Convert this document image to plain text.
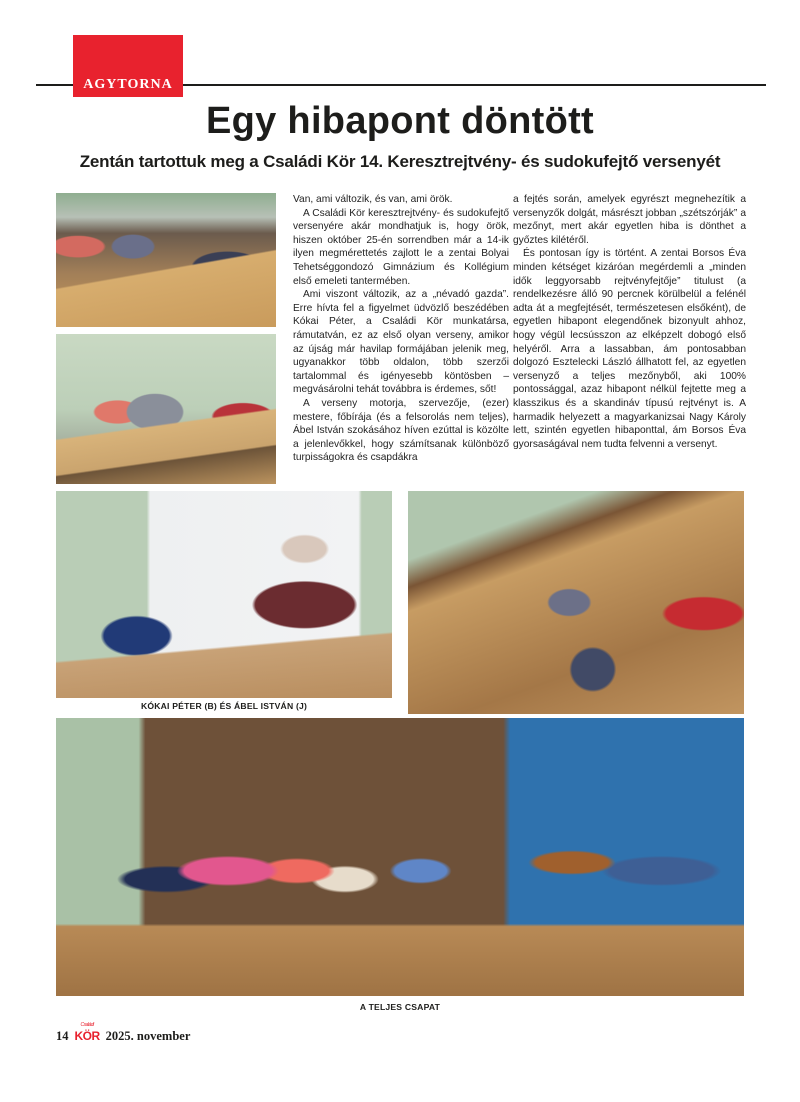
AGYTORNA
Egy hibapont döntött
Zentán tartottuk meg a Családi Kör 14. Keresztrejtvény- és sudokufejtő versenyét

Van, ami változik, és van, ami örök.

A Családi Kör keresztrejtvény- és sudokufejtő versenyére akár mondhatjuk is, hogy örök, hiszen október 25-én sorrendben már a 14-ik ilyen megmérettetés zajlott le a zentai Bolyai Tehetséggondozó Gimnázium és Kollégium első emeleti tantermében.

Ami viszont változik, az a „névadó gazda”. Erre hívta fel a figyelmet üdvözlő beszédében Kókai Péter, a Családi Kör munkatársa, rámutatván, ez az első olyan verseny, amikor az újság már havilap formájában jelenik meg, ugyanakkor több oldalon, több szerzői tartalommal és igényesebb köntösben – megvásárolni tehát továbbra is érdemes, sőt!

A verseny motorja, szervezője, (ezer) mestere, főbírája (és a felsorolás nem teljes), Ábel István szokásához híven ezúttal is közölte a jelenlevőkkel, hogy számítsanak különböző turpisságokra és csapdákra

a fejtés során, amelyek egyrészt megnehezítik a versenyzők dolgát, másrészt jobban „szétszórják” a mezőnyt, mert akár egyetlen hiba is dönthet a győztes kilétéről.

És pontosan így is történt. A zentai Borsos Éva minden kétséget kizáróan megérdemli a „minden idők leggyorsabb rejtvényfejtője” titulust (a rendelkezésre álló 90 percnek körülbelül a felénél adta át a megfejtését, természetesen elsőként), de egyetlen hibapont elegendőnek bizonyult ahhoz, hogy végül lecsússzon az elképzelt dobogó első helyéről. Arra a lassabban, ám pontosabban dolgozó Esztelecki László állhatott fel, az egyetlen versenyző a teljes mezőnyből, aki 100% pontossággal, azaz hibapont nélkül fejtette meg a klasszikus és a skandináv típusú rejtvényt is. A harmadik helyezett a magyarkanizsai Nagy Károly lett, szintén egyetlen hibaponttal, ám Borsos Éva gyorsaságával nem tudta felvenni a versenyt.

KÓKAI PÉTER (B) ÉS ÁBEL ISTVÁN (J)
A TELJES CSAPAT
14
Családi
KÖR 2025. november
